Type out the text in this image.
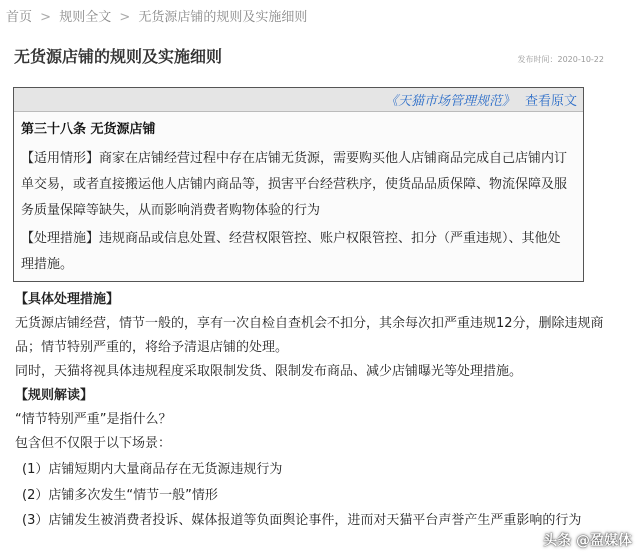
首页 > 规则全文 > 无货源店铺的规则及实施细则
无货源店铺的规则及实施细则	发布时间：2020-10-22
《天猫市场管理规范》 查看原文
第三十八条 无货源店铺
【适用情形】商家在店铺经营过程中存在店铺无货源，需要购买他人店铺商品完成自己店铺内订单交易，或者直接搬运他人店铺内商品等，损害平台经营秩序，使货品品质保障、物流保障及服务质量保障等缺失，从而影响消费者购物体验的行为
【处理措施】违规商品或信息处置、经营权限管控、账户权限管控、扣分（严重违规）、其他处理措施。
【具体处理措施】
无货源店铺经营，情节一般的，享有一次自检自查机会不扣分，其余每次扣严重违规12分，删除违规商品；情节特别严重的，将给予清退店铺的处理。
同时，天猫将视具体违规程度采取限制发货、限制发布商品、减少店铺曝光等处理措施。
【规则解读】
“情节特别严重”是指什么？
包含但不仅限于以下场景：
(1）店铺短期内大量商品存在无货源违规行为
(2）店铺多次发生“情节一般”情形
(3）店铺发生被消费者投诉、媒体报道等负面舆论事件，进而对天猫平台声誉产生严重影响的行为
头条 @盈媒体
